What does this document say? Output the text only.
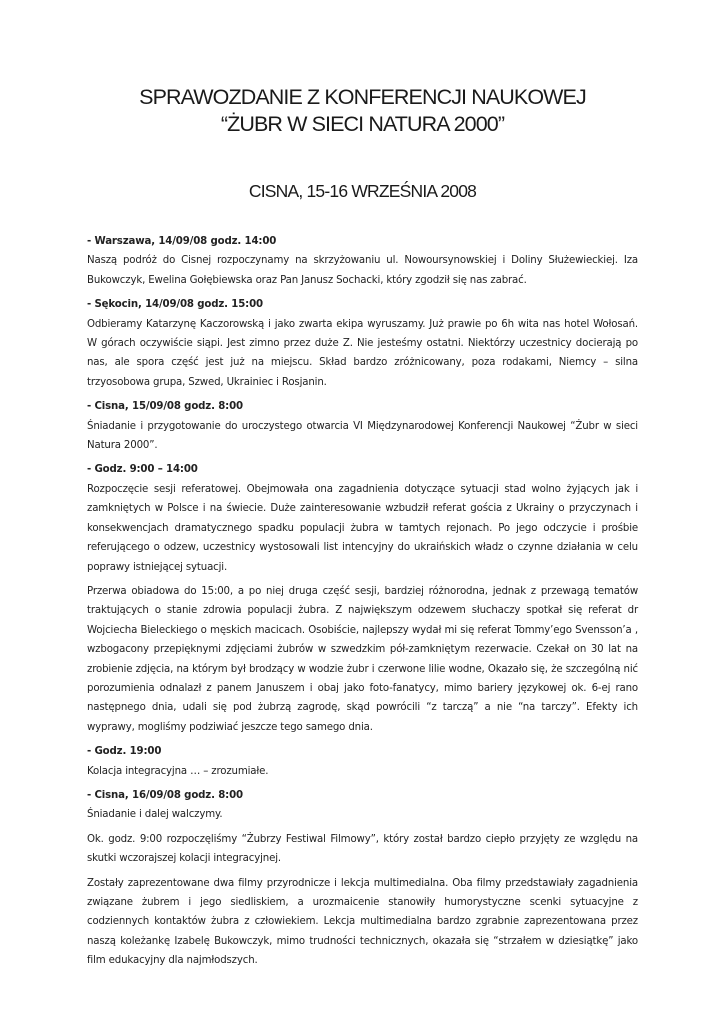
SPRAWOZDANIE Z KONFERENCJI NAUKOWEJ
“ŻUBR W SIECI NATURA 2000”
CISNA, 15-16 WRZEŚNIA 2008

- Warszawa, 14/09/08 godz. 14:00

Naszą podróż do Cisnej rozpoczynamy na skrzyżowaniu ul. Nowoursynowskiej i Doliny Służewieckiej. Iza Bukowczyk, Ewelina Gołębiewska oraz Pan Janusz Sochacki, który zgodził się nas zabrać.

- Sękocin, 14/09/08 godz. 15:00

Odbieramy Katarzynę Kaczorowską i jako zwarta ekipa wyruszamy. Już prawie po 6h wita nas hotel Wołosań. W górach oczywiście siąpi. Jest zimno przez duże Z. Nie jesteśmy ostatni. Niektórzy uczestnicy docierają po nas, ale spora część jest już na miejscu. Skład bardzo zróżnicowany, poza rodakami, Niemcy – silna trzyosobowa grupa, Szwed, Ukrainiec i Rosjanin.

- Cisna, 15/09/08 godz. 8:00

Śniadanie i przygotowanie do uroczystego otwarcia VI Międzynarodowej Konferencji Naukowej “Żubr w sieci Natura 2000”.

- Godz. 9:00 – 14:00

Rozpoczęcie sesji referatowej. Obejmowała ona zagadnienia dotyczące sytuacji stad wolno żyjących jak i zamkniętych w Polsce i na świecie. Duże zainteresowanie wzbudził referat gościa z Ukrainy o przyczynach i konsekwencjach dramatycznego spadku populacji żubra w tamtych rejonach. Po jego odczycie i prośbie referującego o odzew, uczestnicy wystosowali list intencyjny do ukraińskich władz o czynne działania w celu poprawy istniejącej sytuacji.

Przerwa obiadowa do 15:00, a po niej druga część sesji, bardziej różnorodna, jednak z przewagą tematów traktujących o stanie zdrowia populacji żubra. Z największym odzewem słuchaczy spotkał się referat dr Wojciecha Bieleckiego o męskich macicach. Osobiście, najlepszy wydał mi się referat Tommy’ego Svensson’a , wzbogacony przepięknymi zdjęciami żubrów w szwedzkim pół-zamkniętym rezerwacie. Czekał on 30 lat na zrobienie zdjęcia, na którym był brodzący w wodzie żubr i czerwone lilie wodne, Okazało się, że szczególną nić porozumienia odnalazł z panem Januszem i obaj jako foto-fanatycy, mimo bariery językowej ok. 6-ej rano następnego dnia, udali się pod żubrzą zagrodę, skąd powrócili “z tarczą” a nie “na tarczy”. Efekty ich wyprawy, mogliśmy podziwiać jeszcze tego samego dnia.

- Godz. 19:00

Kolacja integracyjna … – zrozumiałe.

- Cisna, 16/09/08 godz. 8:00

Śniadanie i dalej walczymy.

Ok. godz. 9:00 rozpoczęliśmy “Żubrzy Festiwal Filmowy”, który został bardzo ciepło przyjęty ze względu na skutki wczorajszej kolacji integracyjnej.

Zostały zaprezentowane dwa filmy przyrodnicze i lekcja multimedialna. Oba filmy przedstawiały zagadnienia związane żubrem i jego siedliskiem, a urozmaicenie stanowiły humorystyczne scenki sytuacyjne z codziennych kontaktów żubra z człowiekiem. Lekcja multimedialna bardzo zgrabnie zaprezentowana przez naszą koleżankę Izabelę Bukowczyk, mimo trudności technicznych, okazała się “strzałem w dziesiątkę” jako film edukacyjny dla najmłodszych.
